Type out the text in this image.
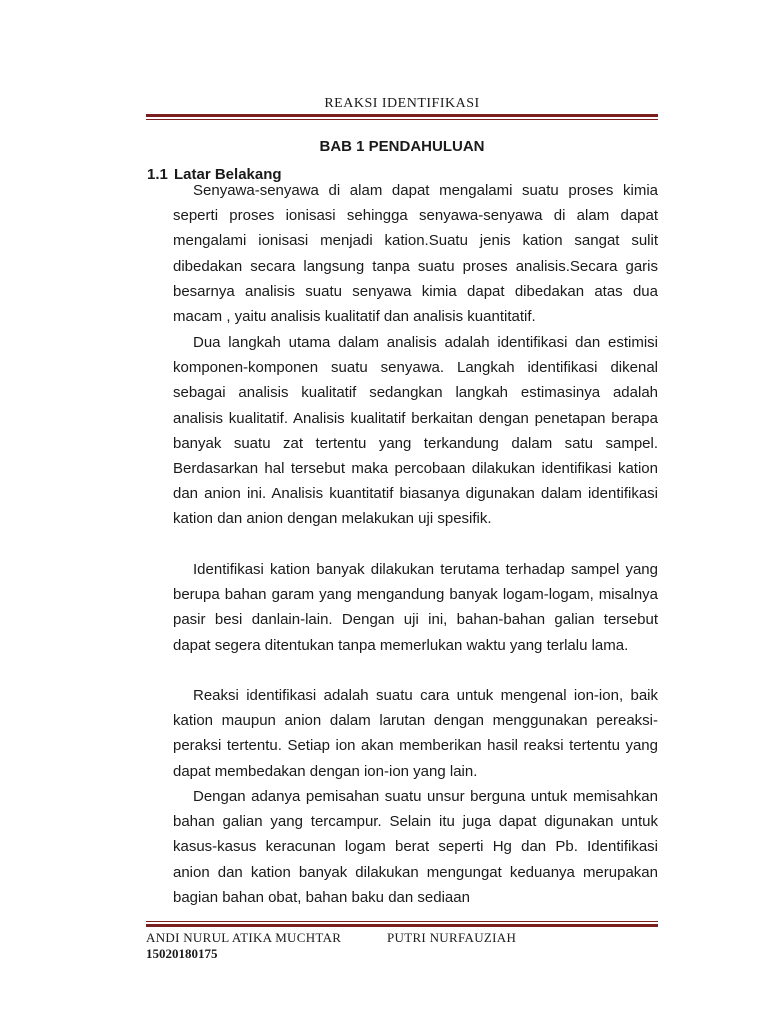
REAKSI IDENTIFIKASI
BAB 1 PENDAHULUAN
1.1 Latar Belakang

Senyawa-senyawa di alam dapat mengalami suatu proses kimia seperti proses ionisasi sehingga senyawa-senyawa di alam dapat mengalami ionisasi menjadi kation.Suatu jenis kation sangat sulit dibedakan secara langsung tanpa suatu proses analisis.Secara garis besarnya analisis suatu senyawa kimia dapat dibedakan atas dua macam , yaitu analisis kualitatif dan analisis kuantitatif.

Dua langkah utama dalam analisis adalah identifikasi dan estimisi komponen-komponen suatu senyawa. Langkah identifikasi dikenal sebagai analisis kualitatif sedangkan langkah estimasinya adalah analisis kualitatif. Analisis kualitatif berkaitan dengan penetapan berapa banyak suatu zat tertentu yang terkandung dalam satu sampel. Berdasarkan hal tersebut maka percobaan dilakukan identifikasi kation dan anion ini. Analisis kuantitatif biasanya digunakan dalam identifikasi kation dan anion dengan melakukan uji spesifik.

Identifikasi kation banyak dilakukan terutama terhadap sampel yang berupa bahan garam yang mengandung banyak logam-logam, misalnya pasir besi danlain-lain. Dengan uji ini, bahan-bahan galian tersebut dapat segera ditentukan tanpa memerlukan waktu yang terlalu lama.

Reaksi identifikasi adalah suatu cara untuk mengenal ion-ion, baik kation maupun anion dalam larutan dengan menggunakan pereaksi-peraksi tertentu. Setiap ion akan memberikan hasil reaksi tertentu yang dapat membedakan dengan ion-ion yang lain.

Dengan adanya pemisahan suatu unsur berguna untuk memisahkan bahan galian yang tercampur. Selain itu juga dapat digunakan untuk kasus-kasus keracunan logam berat seperti Hg dan Pb. Identifikasi anion dan kation banyak dilakukan mengungat keduanya merupakan bagian bahan obat, bahan baku dan sediaan

ANDI NURUL ATIKA MUCHTAR
15020180175
PUTRI NURFAUZIAH
